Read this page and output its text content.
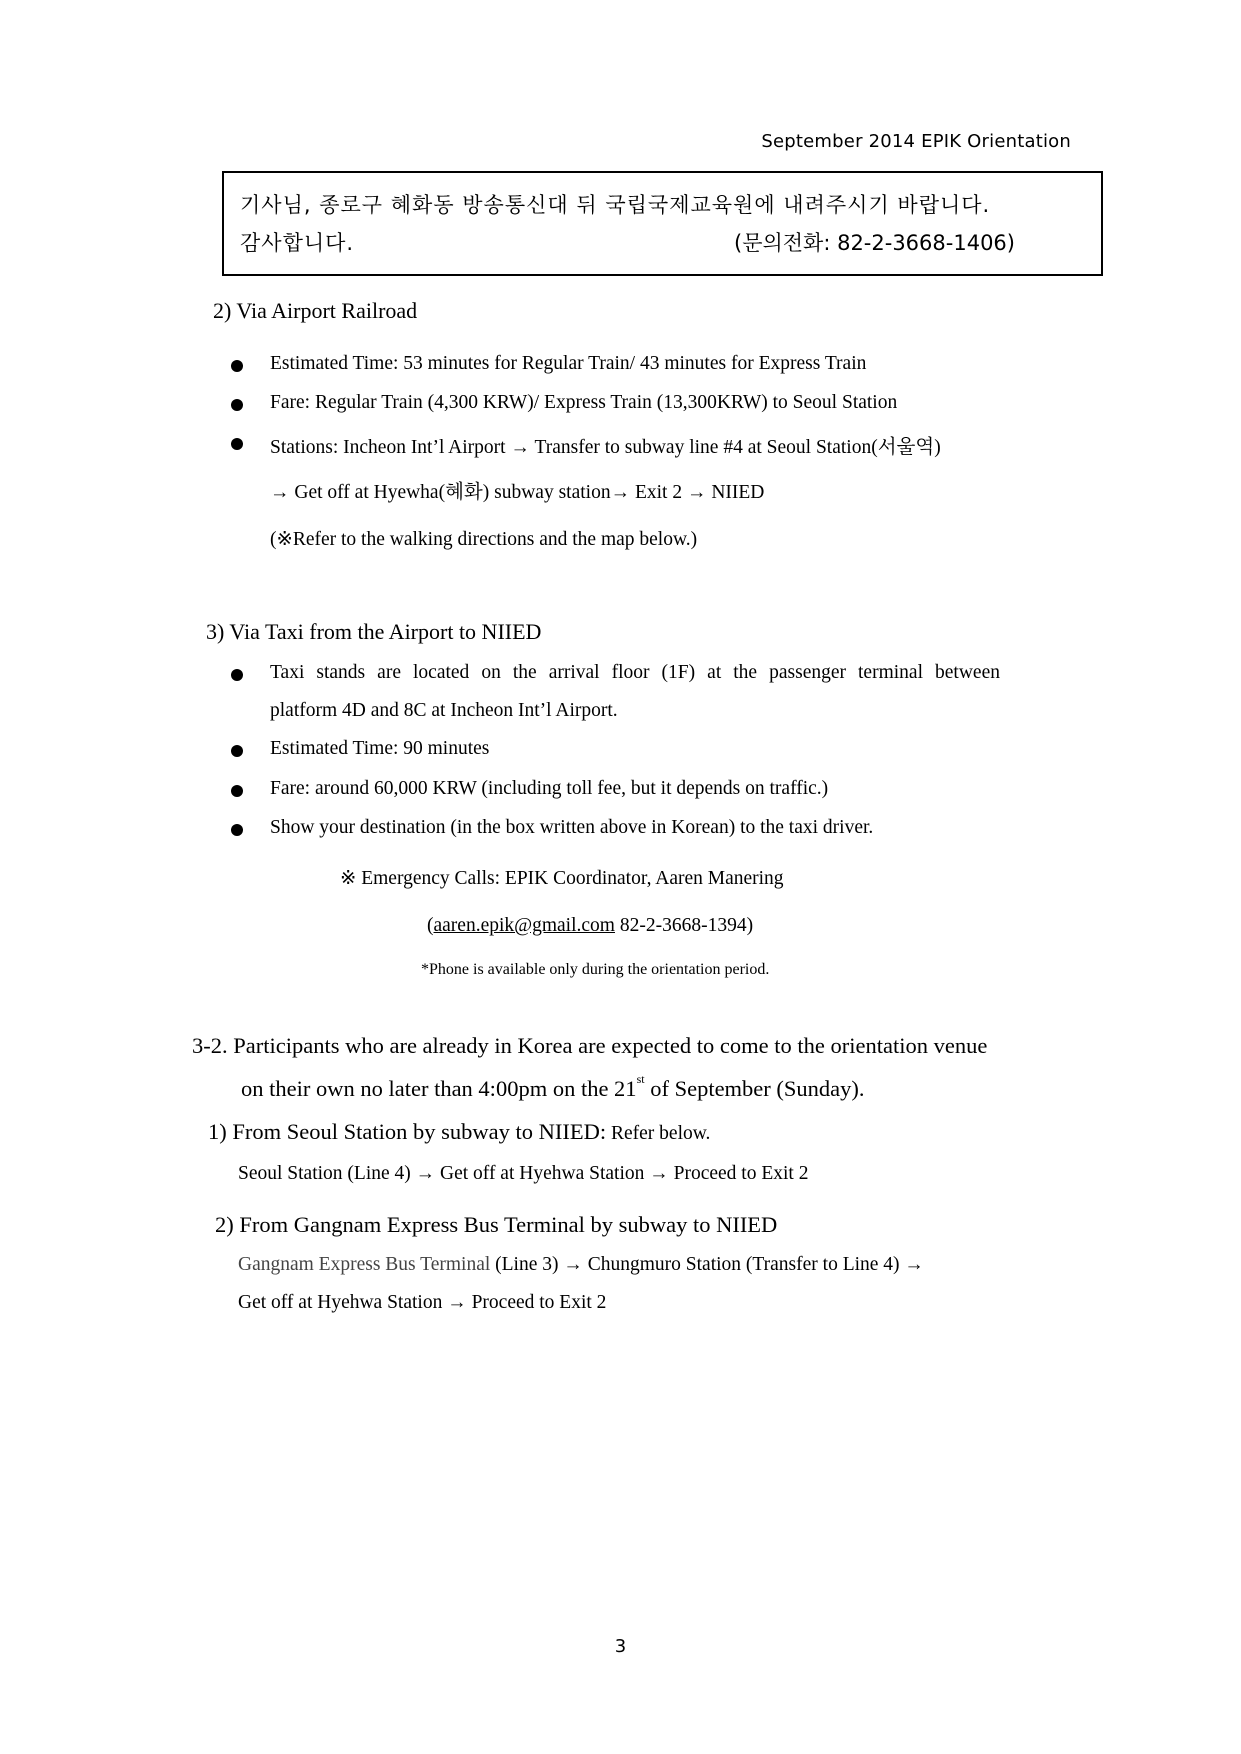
September 2014 EPIK Orientation
기사님, 종로구 혜화동 방송통신대 뒤 국립국제교육원에 내려주시기 바랍니다.
감사합니다.	(문의전화: 82-2-3668-1406)
2) Via Airport Railroad
Estimated Time: 53 minutes for Regular Train/ 43 minutes for Express Train
Fare: Regular Train (4,300 KRW)/ Express Train (13,300KRW) to Seoul Station
Stations: Incheon Int’l Airport → Transfer to subway line #4 at Seoul Station(서울역)
→ Get off at Hyewha(혜화) subway station→ Exit 2 → NIIED
(※Refer to the walking directions and the map below.)
3) Via Taxi from the Airport to NIIED
Taxi stands are located on the arrival floor (1F) at the passenger terminal between
platform 4D and 8C at Incheon Int’l Airport.
Estimated Time: 90 minutes
Fare: around 60,000 KRW (including toll fee, but it depends on traffic.)
Show your destination (in the box written above in Korean) to the taxi driver.
※ Emergency Calls: EPIK Coordinator, Aaren Manering
(aaren.epik@gmail.com 82-2-3668-1394)
*Phone is available only during the orientation period.
3-2. Participants who are already in Korea are expected to come to the orientation venue
on their own no later than 4:00pm on the 21st of September (Sunday).
1) From Seoul Station by subway to NIIED: Refer below.
Seoul Station (Line 4) → Get off at Hyehwa Station → Proceed to Exit 2
2) From Gangnam Express Bus Terminal by subway to NIIED
Gangnam Express Bus Terminal (Line 3) → Chungmuro Station (Transfer to Line 4) →
Get off at Hyehwa Station → Proceed to Exit 2
3
